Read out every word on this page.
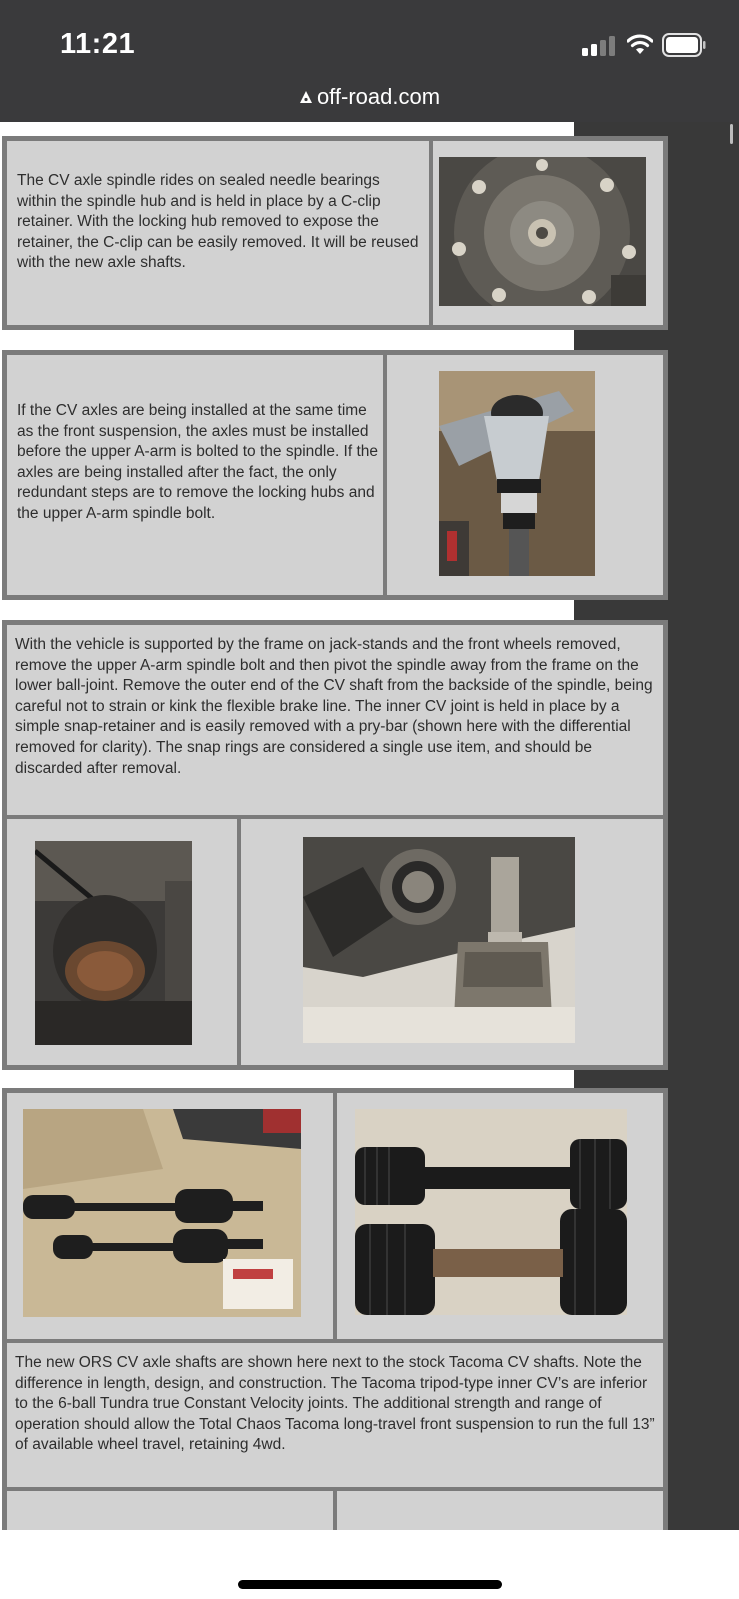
11:21
off-road.com
The CV axle spindle rides on sealed needle bearings within the spindle hub and is held in place by a C-clip retainer. With the locking hub removed to expose the retainer, the C-clip can be easily removed. It will be reused with the new axle shafts.
If the CV axles are being installed at the same time as the front suspension, the axles must be installed before the upper A-arm is bolted to the spindle. If the axles are being installed after the fact, the only redundant steps are to remove the locking hubs and the upper A-arm spindle bolt.
With the vehicle is supported by the frame on jack-stands and the front wheels removed, remove the upper A-arm spindle bolt and then pivot the spindle away from the frame on the lower ball-joint. Remove the outer end of the CV shaft from the backside of the spindle, being careful not to strain or kink the flexible brake line. The inner CV joint is held in place by a simple snap-retainer and is easily removed with a pry-bar (shown here with the differential removed for clarity). The snap rings are considered a single use item, and should be discarded after removal.
The new ORS CV axle shafts are shown here next to the stock Tacoma CV shafts. Note the difference in length, design, and construction. The Tacoma tripod-type inner CV’s are inferior to the 6-ball Tundra true Constant Velocity joints. The additional strength and range of operation should allow the Total Chaos Tacoma long-travel front suspension to run the full 13” of available wheel travel, retaining 4wd.
